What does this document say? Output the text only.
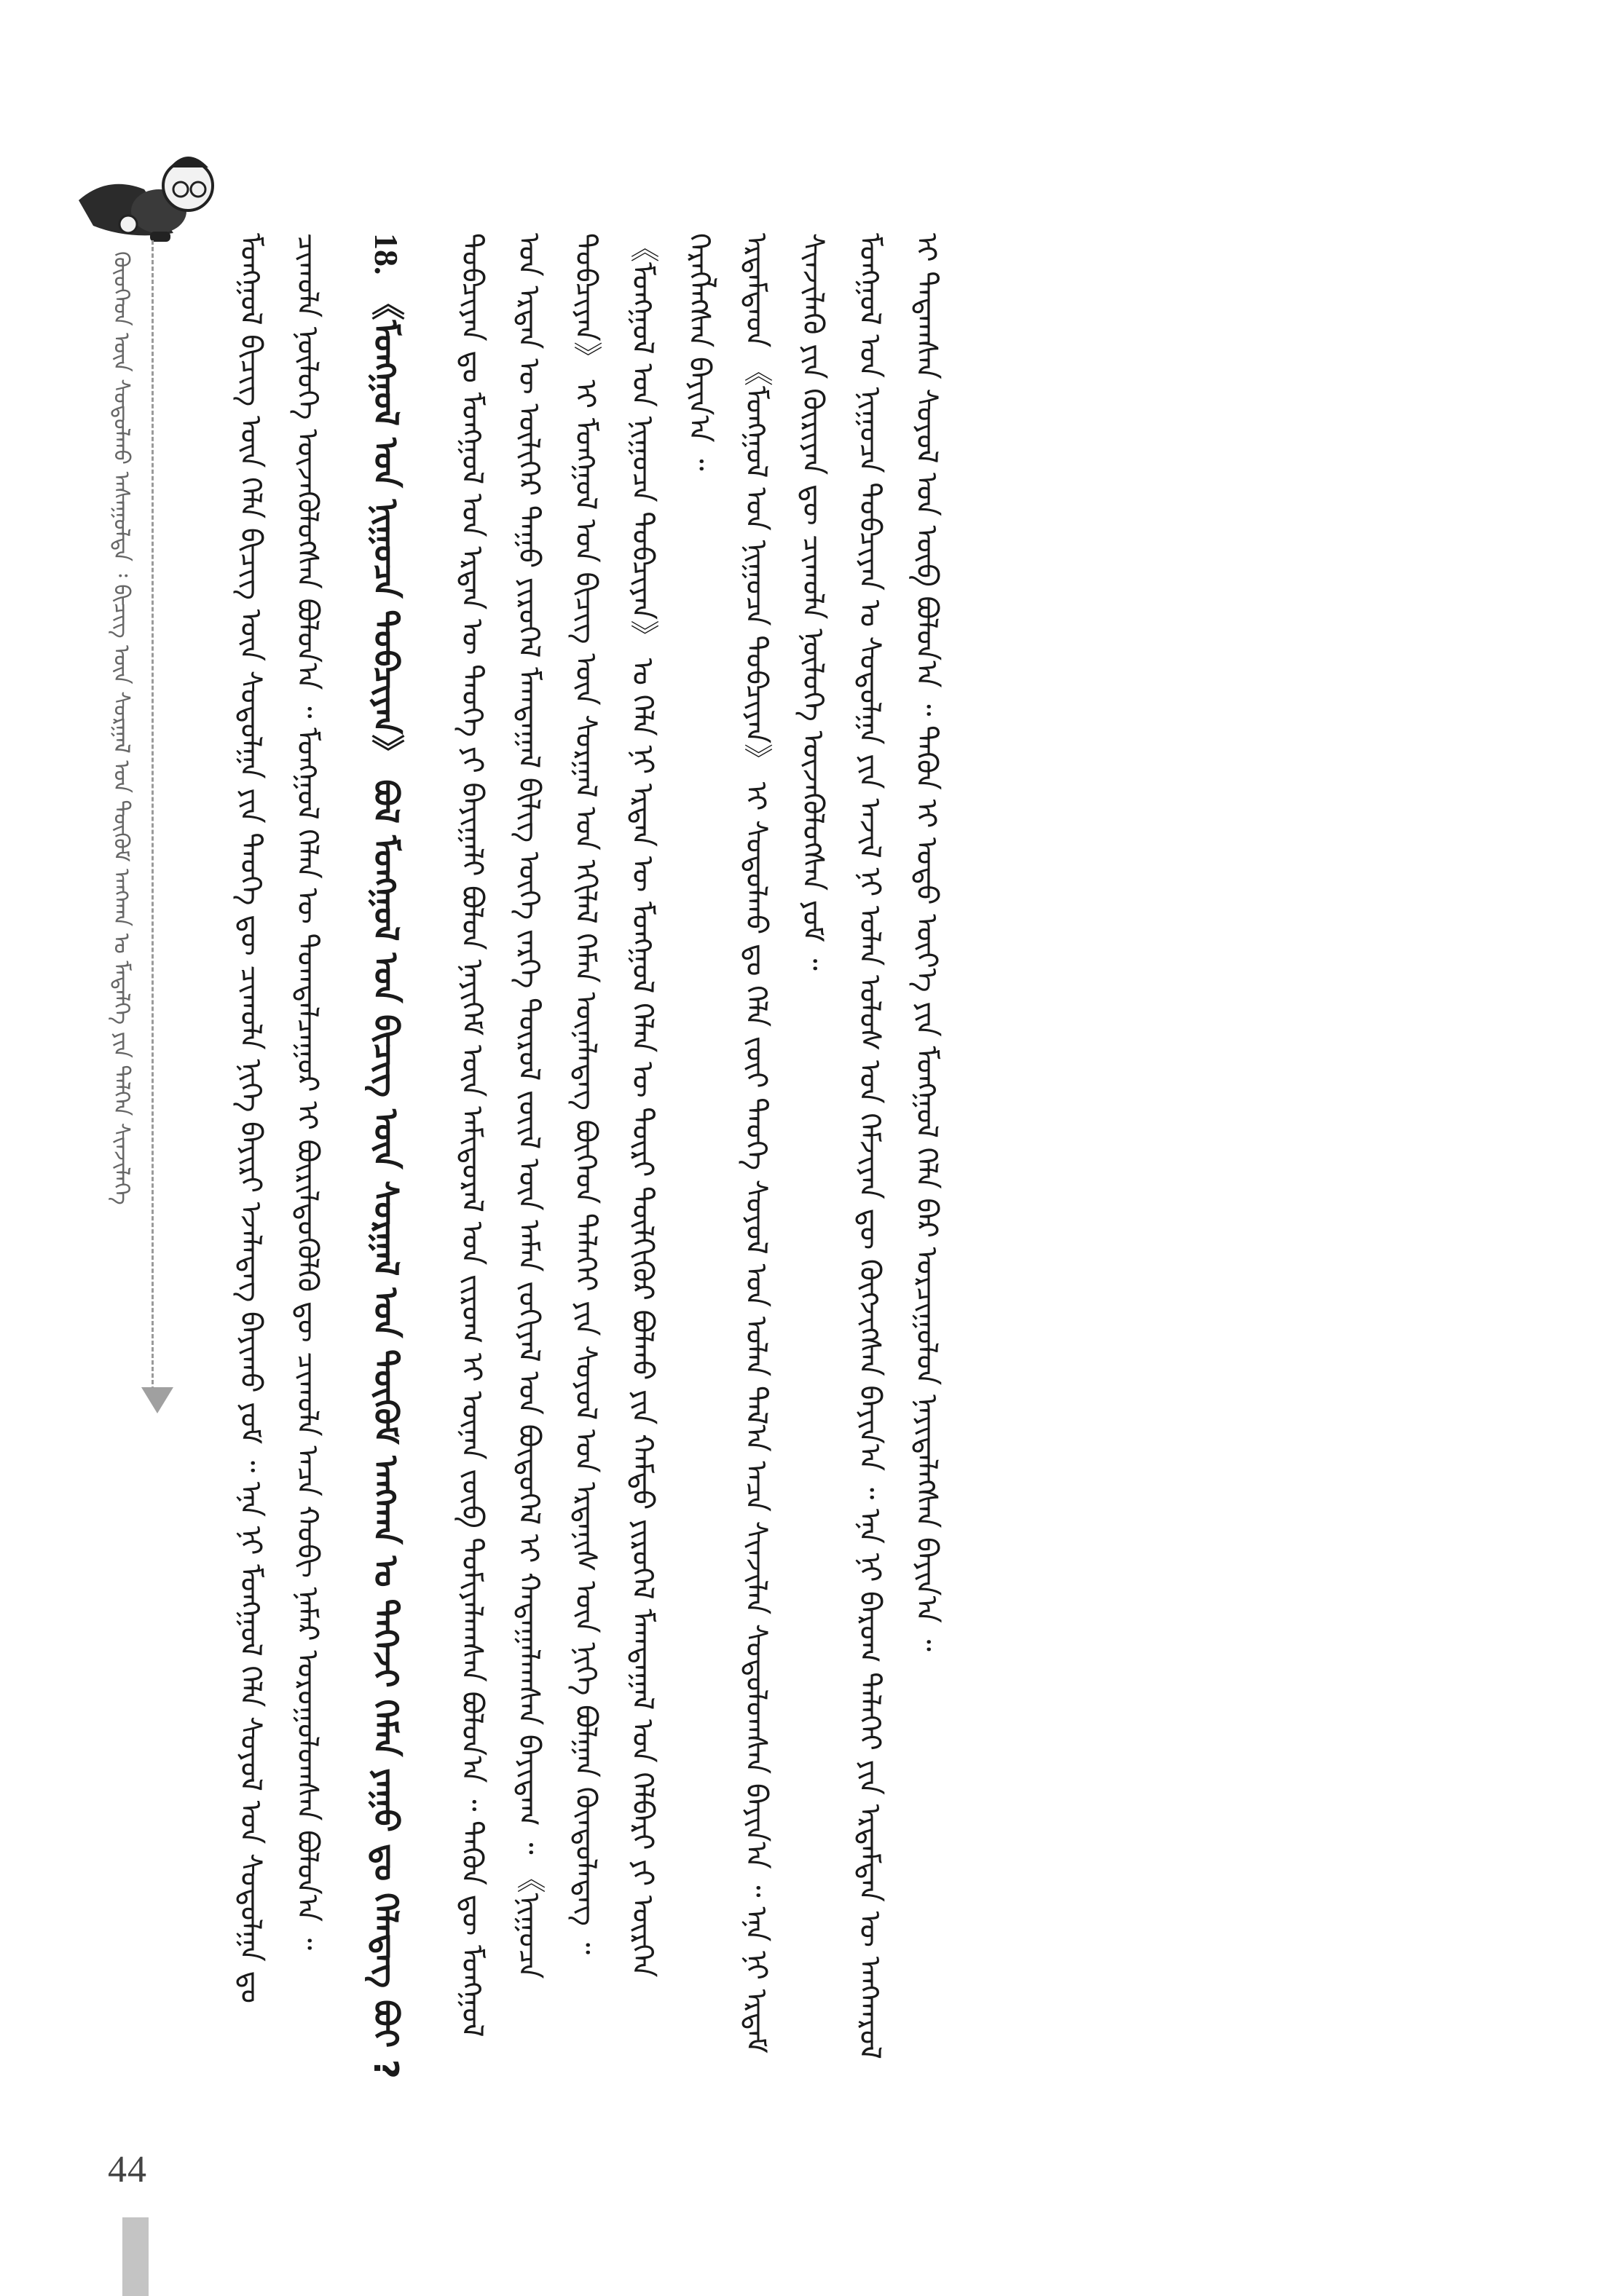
ᠬᠦᠦᠬᠡᠳ ᠦᠨ ᠰᠤᠳᠤᠯᠬᠤ ᠠᠰᠠᠭᠤᠯᠲᠠ ᠄ ᠪᠢᠴᠢᠭ ᠦᠨ ᠰᠤᠷᠭᠠᠯ ᠤᠨ ᠲᠦᠬᠦᠮ ᠠᠩᠬᠠᠨ ᠤ ᠮᠡᠳᠡᠯᠭᠡ ᠶᠢᠨ ᠳᠡᠯᠭᠡᠨ ᠰᠢᠨᠵᠢᠯᠡᠭᠡ	ᠮᠣᠩᠭᠣᠯ ᠪᠢᠴᠢᠭ ᠦᠨ ᠬᠡᠯᠡ ᠪᠢᠴᠢᠭ ᠦᠨ ᠰᠤᠳᠤᠯᠭᠠ ᠶᠢᠨ ᠲᠡᠦᠬᠡ ᠳᠦ ᠴᠢᠬᠤᠯᠠ ᠨᠢᠭᠡ ᠪᠠᠶᠢᠷᠢ ᠡᠵᠡᠯᠡᠳᠡᠭ ᠪᠠᠶᠢᠬᠤ ᠶᠤᠮ ᠃ ᠡᠨᠡ ᠨᠢ ᠮᠣᠩᠭᠣᠯ ᠬᠡᠯᠡ ᠰᠣᠶᠣᠯ ᠤᠨ ᠰᠤᠳᠤᠯᠭᠠ ᠳᠤ ᠴᠢᠬᠤᠯᠠ ᠨᠥᠯᠦᠭᠡ ᠦᠵᠡᠭᠦᠯᠦᠭᠰᠡᠨ ᠪᠣᠯᠤᠨ᠎ᠠ ᠃ ᠮᠣᠩᠭᠣᠯ ᠬᠡᠯᠡᠨ ᠦ ᠲᠣᠭᠲᠠᠯᠴᠠᠭᠤᠷ ᠢ ᠪᠦᠷᠢᠯᠳᠦᠭᠦᠯᠬᠦ ᠳᠦ ᠴᠢᠬᠤᠯᠠ ᠠᠴᠠ ᠬᠤᠪᠢ ᠨᠡᠮᠡᠷ ᠣᠷᠣᠭᠤᠯᠤᠭᠰᠠᠨ ᠪᠣᠯᠤᠨ᠎ᠠ ᠃	18. 《ᠮᠣᠩᠭᠣᠯ ᠤᠨ ᠨᠢᠭᠤᠴᠠ ᠲᠣᠪᠴᠢᠶᠠᠨ》 ᠪᠣᠯ ᠮᠣᠩᠭᠣᠯ ᠤᠨ ᠪᠢᠴᠢᠭ ᠦᠨ ᠰᠤᠷᠭᠠᠯ ᠤᠨ ᠲᠦᠬᠦᠮ ᠠᠩᠬᠠᠨ ᠤ ᠳᠡᠭᠡᠵᠢ ᠬᠡᠮᠡᠨ ᠶᠠᠭᠤ ᠳᠤ ᠬᠡᠯᠡᠳᠡᠭ ᠪᠤᠢ ?	ᠲᠣᠪᠴᠢᠶᠠᠨ ᠳᠤ ᠮᠣᠩᠭᠣᠯ ᠤᠨ ᠡᠷᠲᠡᠨ ᠦ ᠲᠡᠦᠬᠡ ᠶᠢ ᠪᠠᠶᠢᠭᠠᠯᠢ ᠪᠣᠯᠤᠨ ᠨᠡᠶᠢᠭᠡᠮ ᠦᠨ ᠠᠮᠢᠳᠤᠷᠠᠯ ᠤᠨ ᠵᠢᠷᠤᠭ ᠢ ᠦᠨᠡᠨ ᠵᠥᠪ ᠲᠣᠮᠢᠶᠠᠯᠠᠭᠰᠠᠨ ᠪᠣᠯᠤᠨ᠎ᠠ ᠃ ᠲᠡᠭᠦᠨ ᠳᠦ ᠮᠣᠩᠭᠣᠯ ᠤᠨ ᠡᠷᠲᠡᠨ ᠦ ᠦᠯᠢᠭᠡᠷ ᠳᠠᠭᠤ ᠶᠢᠷᠦᠭᠡᠯ ᠮᠠᠭᠲᠠᠭᠠᠯ ᠪᠢᠯᠢᠭ ᠦᠭᠡ ᠵᠡᠷᠭᠡ ᠲᠥᠷᠦᠯ ᠵᠦᠢᠯ ᠦᠨ ᠠᠮᠠᠨ ᠵᠣᠬᠢᠶᠠᠯ ᠤᠨ ᠪᠦᠲᠦᠭᠡᠯ ᠢ ᠬᠠᠳᠠᠭᠠᠯᠠᠭᠰᠠᠨ ᠪᠠᠶᠢᠳᠠᠭ ᠃ 《ᠨᠢᠭᠤᠴᠠ ᠲᠣᠪᠴᠢᠶᠠᠨ》 ᠢ ᠮᠣᠩᠭᠣᠯ ᠤᠨ ᠪᠢᠴᠢᠭ ᠦᠨ ᠰᠤᠷᠭᠠᠯ ᠤᠨ ᠡᠬᠢᠯᠡᠯ ᠬᠡᠮᠡᠨ ᠦᠨᠡᠯᠡᠳᠡᠭ ᠪᠥᠭᠡᠳ ᠳᠡᠯᠡᠬᠡᠢ ᠶᠢᠨ ᠰᠣᠶᠣᠯ ᠤᠨ ᠡᠷᠳᠡᠨᠢᠰ ᠦᠨ ᠨᠢᠭᠡ ᠪᠣᠯᠭᠠᠨ ᠬᠦᠨᠳᠦᠯᠡᠳᠡᠭ ᠃ 《ᠮᠣᠩᠭᠣᠯ ᠤᠨ ᠨᠢᠭᠤᠴᠠ ᠲᠣᠪᠴᠢᠶᠠᠨ》 ᠤ ᠬᠡᠯᠡ ᠨᠢ ᠡᠷᠲᠡᠨ ᠦ ᠮᠣᠩᠭᠣᠯ ᠬᠡᠯᠡᠨ ᠦ ᠳᠦᠷᠢ ᠲᠦᠯᠬᠢᠭᠦᠷ ᠪᠣᠯᠬᠤ ᠶᠢᠨ ᠬᠠᠮᠲᠤ ᠶᠢᠷᠦᠭᠡᠯ ᠮᠠᠭᠲᠠᠭᠠᠯ ᠤᠨ ᠬᠡᠯᠪᠡᠷᠢ ᠶᠢ ᠥᠷᠭᠡᠨ ᠬᠡᠷᠡᠭᠯᠡᠭᠰᠡᠨ ᠪᠠᠶᠢᠨ᠎ᠠ ᠃ ᠡᠷᠳᠡᠮᠲᠡᠳ 《ᠮᠣᠩᠭᠣᠯ ᠤᠨ ᠨᠢᠭᠤᠴᠠ ᠲᠣᠪᠴᠢᠶᠠᠨ》 ᠢ ᠰᠤᠳᠤᠯᠬᠤ ᠳᠤ ᠬᠡᠯᠡ ᠵᠦᠢ ᠲᠡᠦᠬᠡ ᠰᠣᠶᠣᠯ ᠤᠨ ᠣᠯᠠᠨ ᠲᠠᠯ᠎ᠠ ᠠᠴᠠ ᠰᠢᠨᠵᠢᠯᠡᠨ ᠰᠤᠳᠤᠯᠤᠭᠰᠠᠨ ᠪᠠᠶᠢᠨ᠎ᠠ ᠃ ᠡᠨᠡ ᠨᠢ ᠡᠷᠳᠡᠮ ᠰᠢᠨᠵᠢᠯᠡᠬᠦ ᠶᠢᠨ ᠬᠦᠷᠢᠶᠡᠨ ᠳᠦ ᠴᠢᠬᠤᠯᠠ ᠨᠥᠯᠦᠭᠡ ᠦᠵᠡᠭᠦᠯᠦᠭᠰᠡᠨ ᠶᠤᠮ ᠃ ᠮᠣᠩᠭᠣᠯ ᠤᠨ ᠨᠢᠭᠤᠴᠠ ᠲᠣᠪᠴᠢᠶᠠᠨ ᠤ ᠰᠤᠳᠤᠯᠭᠠ ᠶᠢᠨ ᠠᠵᠢᠯ ᠨᠢ ᠣᠯᠠᠨ ᠤᠯᠤᠰ ᠤᠨ ᠬᠡᠮᠵᠢᠶᠡᠨ ᠳᠦ ᠬᠥᠭᠵᠢᠭᠰᠡᠨ ᠪᠠᠶᠢᠨ᠎ᠠ ᠃ ᠡᠨᠡ ᠨᠢ ᠪᠠᠷᠤᠭ ᠳᠡᠯᠡᠬᠡᠢ ᠶᠢᠨ ᠡᠷᠳᠡᠮᠲᠡᠨ ᠦ ᠠᠩᠬᠠᠷᠤᠯ ᠢ ᠲᠠᠲᠠᠭᠰᠠᠨ ᠰᠣᠶᠣᠯ ᠤᠨ ᠥᠪ ᠪᠣᠯᠤᠨ᠎ᠠ ᠃ ᠲᠡᠭᠦᠨ ᠢ ᠣᠳᠣ ᠦᠶ᠎ᠡ ᠶᠢᠨ ᠮᠣᠩᠭᠣᠯ ᠬᠡᠯᠡ ᠪᠡᠷ ᠣᠷᠴᠢᠭᠤᠯᠤᠨ ᠨᠡᠶᠢᠲᠡᠯᠡᠭᠰᠡᠨ ᠪᠠᠶᠢᠨ᠎ᠠ ᠃

44
